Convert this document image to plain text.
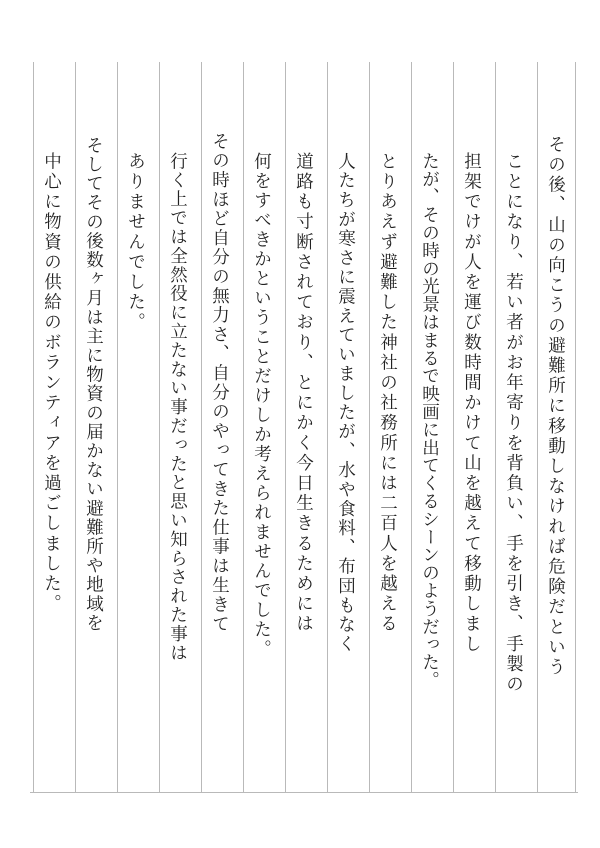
その後、山の向こうの避難所に移動しなければ危険だという
ことになり、若い者がお年寄りを背負い、手を引き、手製の
担架でけが人を運び数時間かけて山を越えて移動しまし
たが、その時の光景はまるで映画に出てくるシーンのようだった。
とりあえず避難した神社の社務所には二百人を越える
人たちが寒さに震えていましたが、水や食料、布団もなく
道路も寸断されており、とにかく今日生きるためには
何をすべきかということだけしか考えられませんでした。
その時ほど自分の無力さ、自分のやってきた仕事は生きて
行く上では全然役に立たない事だったと思い知らされた事は
ありませんでした。
そしてその後数ヶ月は主に物資の届かない避難所や地域を
中心に物資の供給のボランティアを過ごしました。
